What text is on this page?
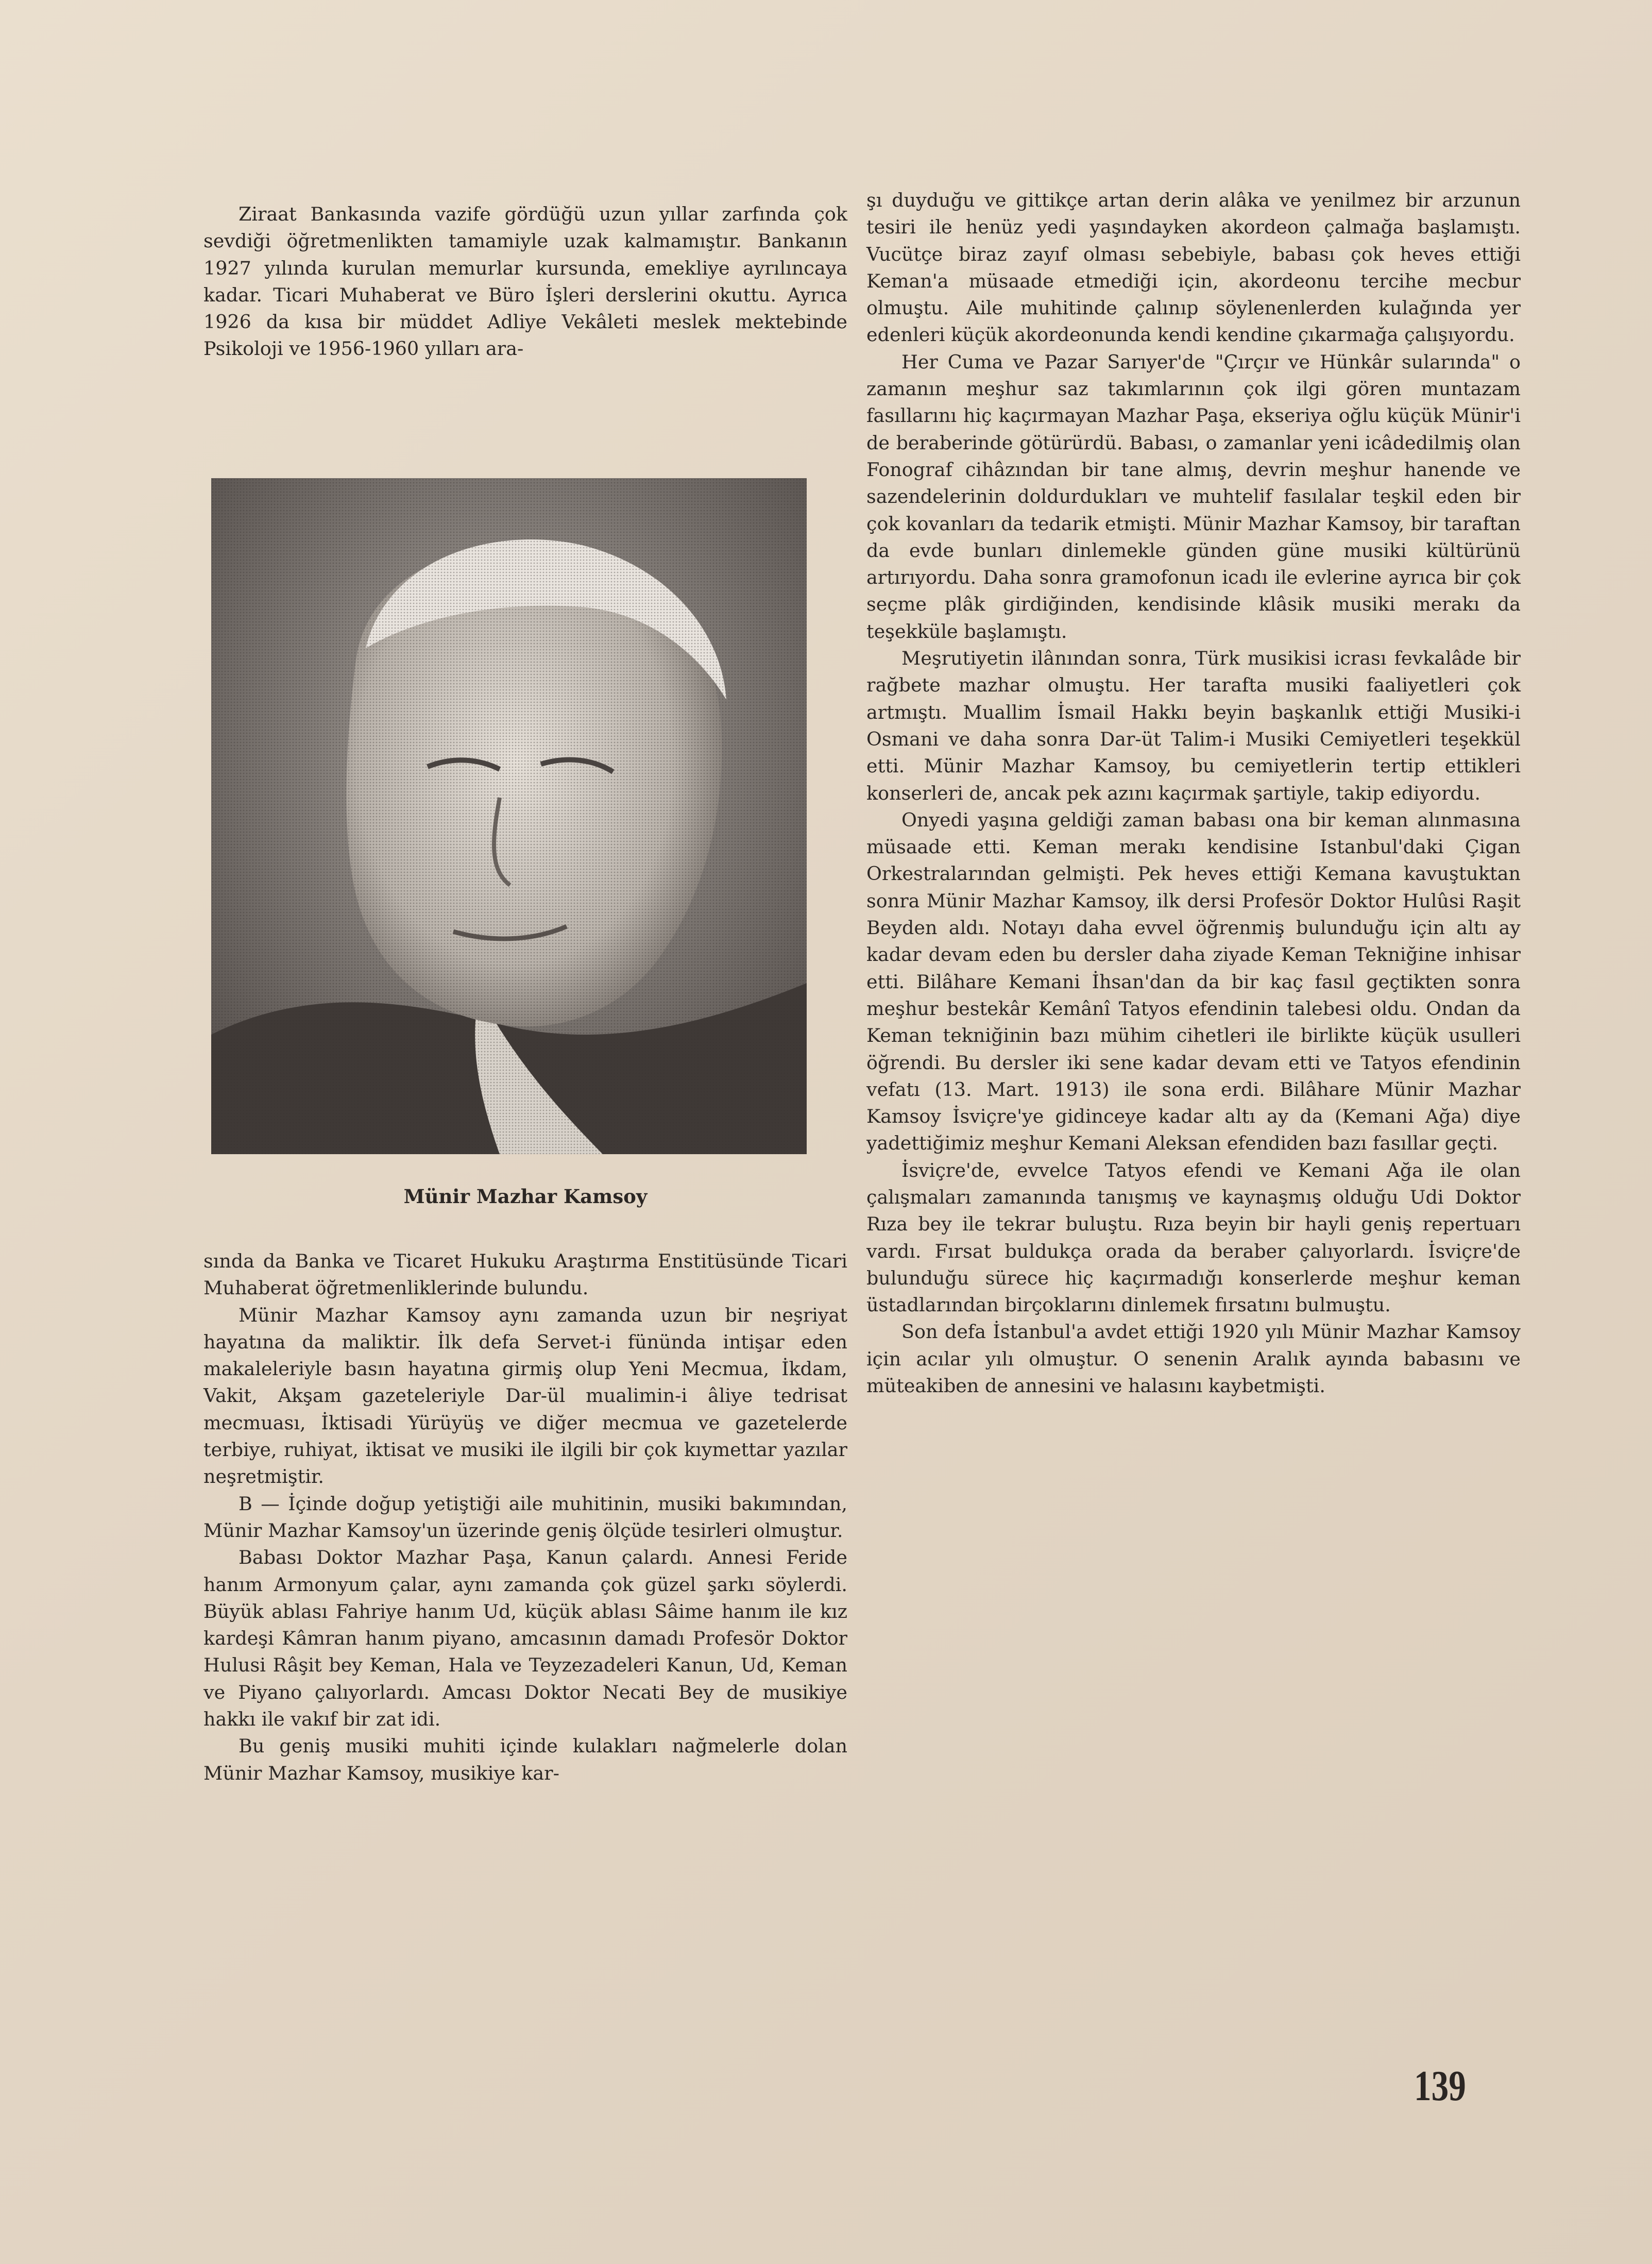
Ziraat Bankasında vazife gördüğü uzun yıllar zarfında çok sevdiği öğretmenlikten tamamiyle uzak kalmamıştır. Bankanın 1927 yılında kurulan memurlar kursunda, emekliye ayrılıncaya kadar. Ticari Muhaberat ve Büro İşleri derslerini okuttu. Ayrıca 1926 da kısa bir müddet Adliye Vekâleti meslek mektebinde Psikoloji ve 1956-1960 yılları ara-

Münir Mazhar Kamsoy

sında da Banka ve Ticaret Hukuku Araştırma Enstitüsünde Ticari Muhaberat öğretmenliklerinde bulundu.

Münir Mazhar Kamsoy aynı zamanda uzun bir neşriyat hayatına da maliktir. İlk defa Servet-i fününda intişar eden makaleleriyle basın hayatına girmiş olup Yeni Mecmua, İkdam, Vakit, Akşam gazeteleriyle Dar-ül mualimin-i âliye tedrisat mecmuası, İktisadi Yürüyüş ve diğer mecmua ve gazetelerde terbiye, ruhiyat, iktisat ve musiki ile ilgili bir çok kıymettar yazılar neşretmiştir.

B — İçinde doğup yetiştiği aile muhitinin, musiki bakımından, Münir Mazhar Kamsoy'un üzerinde geniş ölçüde tesirleri olmuştur.

Babası Doktor Mazhar Paşa, Kanun çalardı. Annesi Feride hanım Armonyum çalar, aynı zamanda çok güzel şarkı söylerdi. Büyük ablası Fahriye hanım Ud, küçük ablası Sâime hanım ile kız kardeşi Kâmran hanım piyano, amcasının damadı Profesör Doktor Hulusi Râşit bey Keman, Hala ve Teyzezadeleri Kanun, Ud, Keman ve Piyano çalıyorlardı. Amcası Doktor Necati Bey de musikiye hakkı ile vakıf bir zat idi.

Bu geniş musiki muhiti içinde kulakları nağmelerle dolan Münir Mazhar Kamsoy, musikiye kar-

şı duyduğu ve gittikçe artan derin alâka ve yenilmez bir arzunun tesiri ile henüz yedi yaşındayken akordeon çalmağa başlamıştı. Vucütçe biraz zayıf olması sebebiyle, babası çok heves ettiği Keman'a müsaade etmediği için, akordeonu tercihe mecbur olmuştu. Aile muhitinde çalınıp söylenenlerden kulağında yer edenleri küçük akordeonunda kendi kendine çıkarmağa çalışıyordu.

Her Cuma ve Pazar Sarıyer'de "Çırçır ve Hünkâr sularında" o zamanın meşhur saz takımlarının çok ilgi gören muntazam fasıllarını hiç kaçırmayan Mazhar Paşa, ekseriya oğlu küçük Münir'i de beraberinde götürürdü. Babası, o zamanlar yeni icâdedilmiş olan Fonograf cihâzından bir tane almış, devrin meşhur hanende ve sazendelerinin doldurdukları ve muhtelif fasılalar teşkil eden bir çok kovanları da tedarik etmişti. Münir Mazhar Kamsoy, bir taraftan da evde bunları dinlemekle günden güne musiki kültürünü artırıyordu. Daha sonra gramofonun icadı ile evlerine ayrıca bir çok seçme plâk girdiğinden, kendisinde klâsik musiki merakı da teşekküle başlamıştı.

Meşrutiyetin ilânından sonra, Türk musikisi icrası fevkalâde bir rağbete mazhar olmuştu. Her tarafta musiki faaliyetleri çok artmıştı. Muallim İsmail Hakkı beyin başkanlık ettiği Musiki-i Osmani ve daha sonra Dar-üt Talim-i Musiki Cemiyetleri teşekkül etti. Münir Mazhar Kamsoy, bu cemiyetlerin tertip ettikleri konserleri de, ancak pek azını kaçırmak şartiyle, takip ediyordu.

Onyedi yaşına geldiği zaman babası ona bir keman alınmasına müsaade etti. Keman merakı kendisine Istanbul'daki Çigan Orkestralarından gelmişti. Pek heves ettiği Kemana kavuştuktan sonra Münir Mazhar Kamsoy, ilk dersi Profesör Doktor Hulûsi Raşit Beyden aldı. Notayı daha evvel öğrenmiş bulunduğu için altı ay kadar devam eden bu dersler daha ziyade Keman Tekniğine inhisar etti. Bilâhare Kemani İhsan'dan da bir kaç fasıl geçtikten sonra meşhur bestekâr Kemânî Tatyos efendinin talebesi oldu. Ondan da Keman tekniğinin bazı mühim cihetleri ile birlikte küçük usulleri öğrendi. Bu dersler iki sene kadar devam etti ve Tatyos efendinin vefatı (13. Mart. 1913) ile sona erdi. Bilâhare Münir Mazhar Kamsoy İsviçre'ye gidinceye kadar altı ay da (Kemani Ağa) diye yadettiğimiz meşhur Kemani Aleksan efendiden bazı fasıllar geçti.

İsviçre'de, evvelce Tatyos efendi ve Kemani Ağa ile olan çalışmaları zamanında tanışmış ve kaynaşmış olduğu Udi Doktor Rıza bey ile tekrar buluştu. Rıza beyin bir hayli geniş repertuarı vardı. Fırsat buldukça orada da beraber çalıyorlardı. İsviçre'de bulunduğu sürece hiç kaçırmadığı konserlerde meşhur keman üstadlarından birçoklarını dinlemek fırsatını bulmuştu.

Son defa İstanbul'a avdet ettiği 1920 yılı Münir Mazhar Kamsoy için acılar yılı olmuştur. O senenin Aralık ayında babasını ve müteakiben de annesini ve halasını kaybetmişti.

139
